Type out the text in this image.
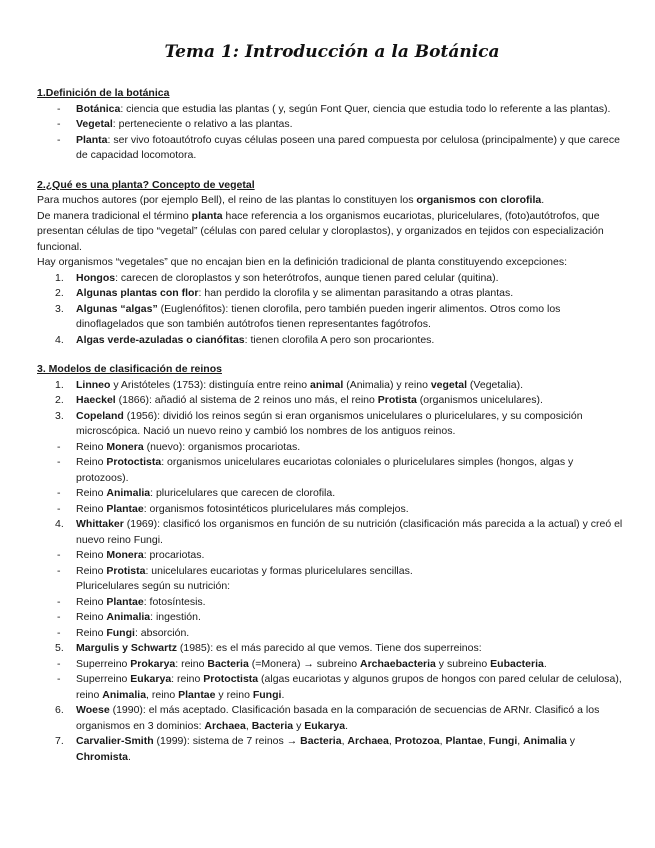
Tema 1: Introducción a la Botánica

1.Definición de la botánica

- Botánica: ciencia que estudia las plantas ( y, según Font Quer, ciencia que estudia todo lo referente a las plantas).
- Vegetal: perteneciente o relativo a las plantas.
- Planta: ser vivo fotoautótrofo cuyas células poseen una pared compuesta por celulosa (principalmente) y que carece de capacidad locomotora.

2.¿Qué es una planta? Concepto de vegetal

Para muchos autores (por ejemplo Bell), el reino de las plantas lo constituyen los organismos con clorofila.

De manera tradicional el término planta hace referencia a los organismos eucariotas, pluricelulares, (foto)autótrofos, que presentan células de tipo “vegetal” (células con pared celular y cloroplastos), y organizados en tejidos con especialización funcional.

Hay organismos “vegetales” que no encajan bien en la definición tradicional de planta constituyendo excepciones:

1. Hongos: carecen de cloroplastos y son heterótrofos, aunque tienen pared celular (quitina).
2. Algunas plantas con flor: han perdido la clorofila y se alimentan parasitando a otras plantas.
3. Algunas “algas” (Euglenófitos): tienen clorofila, pero también pueden ingerir alimentos. Otros como los dinoflagelados que son también autótrofos tienen representantes fagótrofos.
4. Algas verde-azuladas o cianófitas: tienen clorofila A pero son procariontes.

3. Modelos de clasificación de reinos

1. Linneo y Aristóteles (1753): distinguía entre reino animal (Animalia) y reino vegetal (Vegetalia).
2. Haeckel (1866): añadió al sistema de 2 reinos uno más, el reino Protista (organismos unicelulares).
3. Copeland (1956): dividió los reinos según si eran organismos unicelulares o pluricelulares, y su composición microscópica. Nació un nuevo reino y cambió los nombres de los antiguos reinos.
- Reino Monera (nuevo): organismos procariotas.
- Reino Protoctista: organismos unicelulares eucariotas coloniales o pluricelulares simples (hongos, algas y protozoos).
- Reino Animalia: pluricelulares que carecen de clorofila.
- Reino Plantae: organismos fotosintéticos pluricelulares más complejos.
4. Whittaker (1969): clasificó los organismos en función de su nutrición (clasificación más parecida a la actual) y creó el nuevo reino Fungi.
- Reino Monera: procariotas.
- Reino Protista: unicelulares eucariotas y formas pluricelulares sencillas.
Pluricelulares según su nutrición:
- Reino Plantae: fotosíntesis.
- Reino Animalia: ingestión.
- Reino Fungi: absorción.
5. Margulis y Schwartz (1985): es el más parecido al que vemos. Tiene dos superreinos:
- Superreino Prokarya: reino Bacteria (=Monera) → subreino Archaebacteria y subreino Eubacteria.
- Superreino Eukarya: reino Protoctista (algas eucariotas y algunos grupos de hongos con pared celular de celulosa), reino Animalia, reino Plantae y reino Fungi.
6. Woese (1990): el más aceptado. Clasificación basada en la comparación de secuencias de ARNr. Clasificó a los organismos en 3 dominios: Archaea, Bacteria y Eukarya.
7. Carvalier-Smith (1999): sistema de 7 reinos → Bacteria, Archaea, Protozoa, Plantae, Fungi, Animalia y Chromista.
